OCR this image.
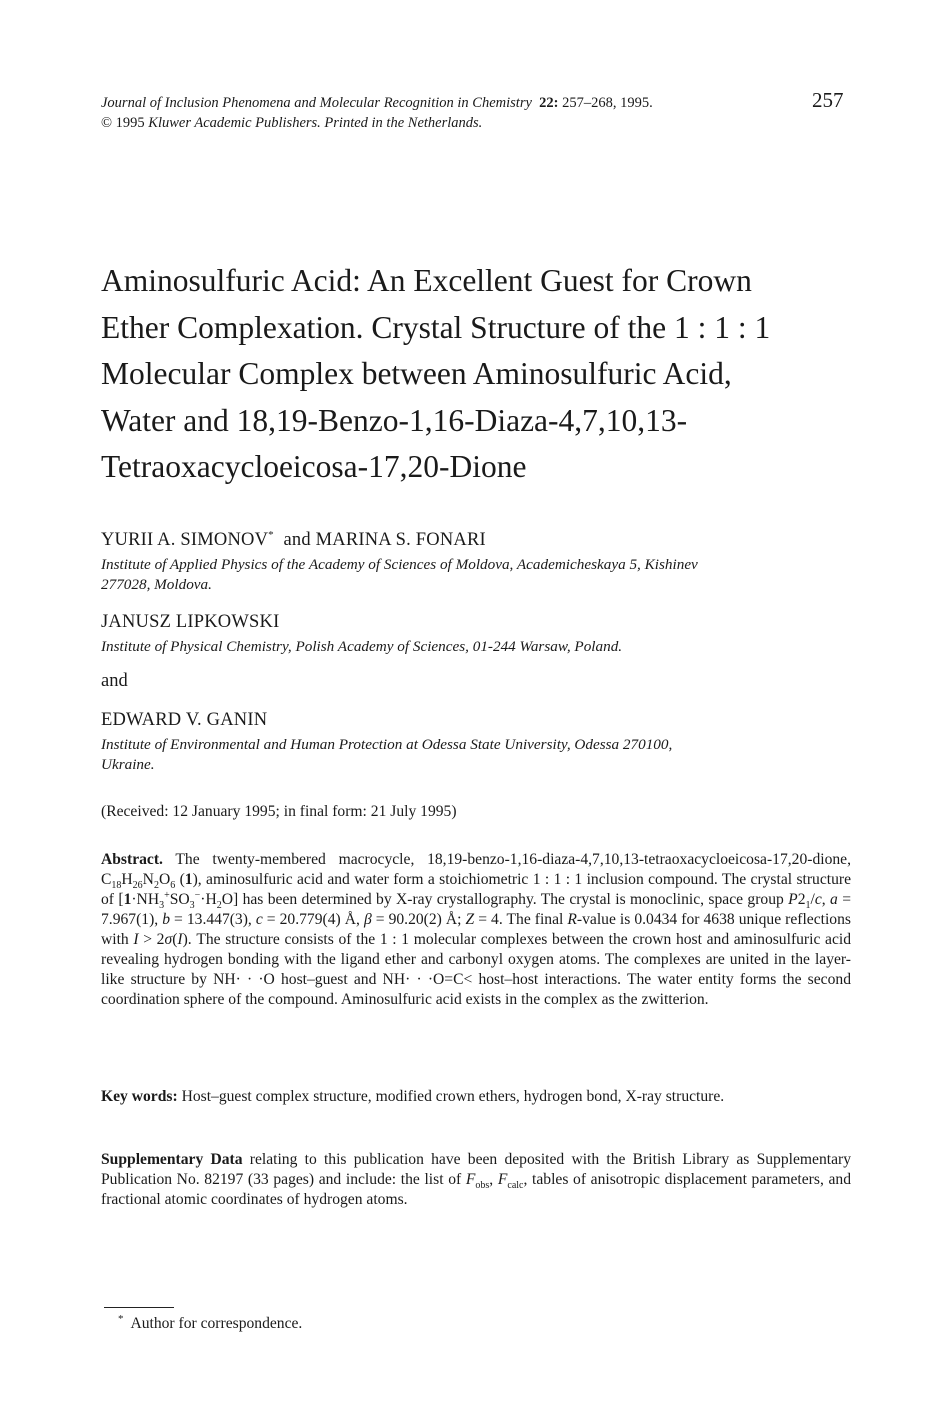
Journal of Inclusion Phenomena and Molecular Recognition in Chemistry 22: 257–268, 1995.
© 1995 Kluwer Academic Publishers. Printed in the Netherlands.
257
Aminosulfuric Acid: An Excellent Guest for Crown
Ether Complexation. Crystal Structure of the 1 : 1 : 1
Molecular Complex between Aminosulfuric Acid,
Water and 18,19-Benzo-1,16-Diaza-4,7,10,13-
Tetraoxacycloeicosa-17,20-Dione
YURII A. SIMONOV* and MARINA S. FONARI
Institute of Applied Physics of the Academy of Sciences of Moldova, Academicheskaya 5, Kishinev
277028, Moldova.
JANUSZ LIPKOWSKI
Institute of Physical Chemistry, Polish Academy of Sciences, 01-244 Warsaw, Poland.
and
EDWARD V. GANIN
Institute of Environmental and Human Protection at Odessa State University, Odessa 270100,
Ukraine.
(Received: 12 January 1995; in final form: 21 July 1995)
Abstract. The twenty-membered macrocycle, 18,19-benzo-1,16-diaza-4,7,10,13-tetraoxacycloeicosa-17,20-dione, $C_{18}H_{26}N_2O_6$ (1), aminosulfuric acid and water form a stoichiometric 1 : 1 : 1 inclusion compound. The crystal structure of $[1\cdot NH_3^+SO_3^-\cdot H_2O]$ has been determined by X-ray crystallography. The crystal is monoclinic, space group $P2_1/c$, a = 7.967(1), b = 13.447(3), c = 20.779(4) Å, β = 90.20(2) Å; Z = 4. The final R-value is 0.0434 for 4638 unique reflections with I > 2σ(I). The structure consists of the 1 : 1 molecular complexes between the crown host and aminosulfuric acid revealing hydrogen bonding with the ligand ether and carbonyl oxygen atoms. The complexes are united in the layer-like structure by NH· · ·O host–guest and NH· · ·O=C< host–host interactions. The water entity forms the second coordination sphere of the compound. Aminosulfuric acid exists in the complex as the zwitterion.
Key words: Host–guest complex structure, modified crown ethers, hydrogen bond, X-ray structure.
Supplementary Data relating to this publication have been deposited with the British Library as Supplementary Publication No. 82197 (33 pages) and include: the list of $F_{obs}$, $F_{calc}$, tables of anisotropic displacement parameters, and fractional atomic coordinates of hydrogen atoms.
* Author for correspondence.
